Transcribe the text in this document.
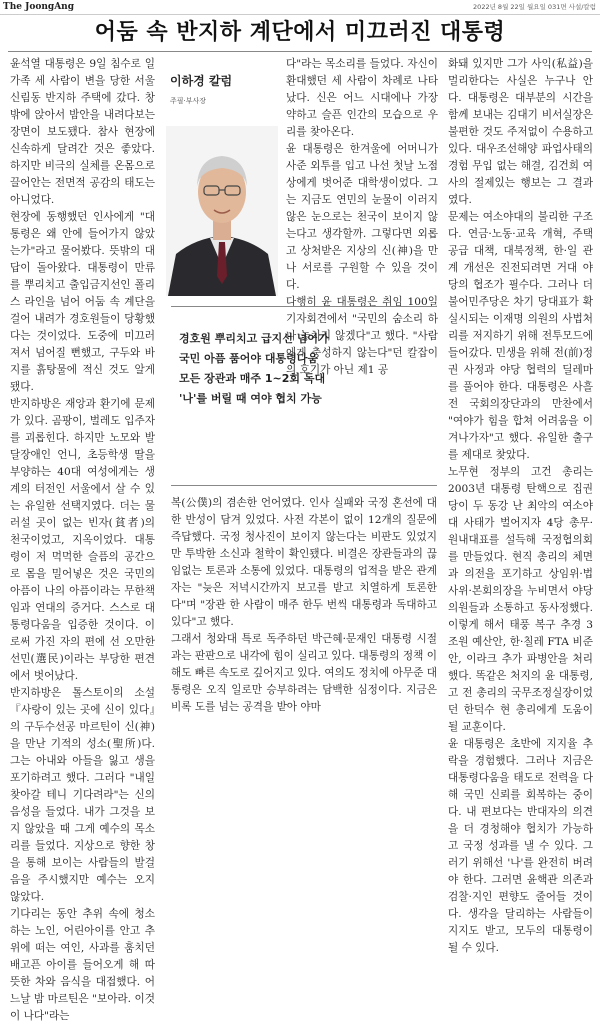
The JoongAng	2022년 8월 22일 월요일 031면 사설/칼럼
어둠 속 반지하 계단에서 미끄러진 대통령

윤석열 대통령은 9일 침수로 일가족 세 사람이 변을 당한 서울 신림동 반지하 주택에 갔다. 창밖에 앉아서 밤안을 내려다보는 장면이 보도됐다. 참사 현장에 신속하게 달려간 것은 좋았다. 하지만 비극의 실체를 온몸으로 끌어안는 전면적 공감의 태도는 아니었다.

현장에 동행했던 인사에게 "대통령은 왜 안에 들어가지 않았는가"라고 물어봤다. 뜻밖의 대답이 돌아왔다. 대통령이 만류를 뿌리치고 출입금지선인 폴리스 라인을 넘어 어둠 속 계단을 걸어 내려가 경호원들이 당황했다는 것이었다. 도중에 미끄러져서 넘어질 뻔했고, 구두와 바지를 흙탕물에 적신 것도 알게 됐다.

반지하방은 재앙과 환기에 문제가 있다. 곰팡이, 벌레도 입주자를 괴롭힌다. 하지만 노모와 발달장애인 언니, 초등학생 딸을 부양하는 40대 여성에게는 생계의 터전인 서울에서 살 수 있는 유일한 선택지였다. 더는 물러설 곳이 없는 빈자(貧者)의 천국이었고, 지옥이었다. 대통령이 저 먹먹한 슬픔의 공간으로 몸을 밀어넣은 것은 국민의 아픔이 나의 아픔이라는 무한책임과 연대의 증거다. 스스로 대통령다움을 입증한 것이다. 이로써 가진 자의 편에 선 오만한 선민(選民)이라는 부당한 편견에서 벗어났다.

반지하방은 톨스토이의 소설 『사랑이 있는 곳에 신이 있다』의 구두수선공 마르틴이 신(神)을 만난 기적의 성소(聖所)다. 그는 아내와 아들을 잃고 생을 포기하려고 했다. 그러다 "내일 찾아갈 테니 기다려라"는 신의 음성을 들었다. 내가 그것을 보지 않았을 때 그게 예수의 목소리를 들었다. 지상으로 향한 창을 통해 보이는 사람들의 발걸음을 주시했지만 예수는 오지 않았다.

기다리는 동안 추위 속에 청소하는 노인, 어린아이를 안고 추위에 떠는 여인, 사과를 훔치던 배고픈 아이를 들어오게 해 따뜻한 차와 음식을 대접했다. 어느날 밤 마르틴은 "보아라. 이것이 나다"라는

이하경 칼럼
주필·부사장

다"라는 목소리를 들었다. 자신이 환대했던 세 사람이 차례로 나타났다. 신은 어느 시대에나 가장 약하고 슬픈 인간의 모습으로 우리를 찾아온다.

윤 대통령은 한겨울에 어머니가 사준 외투를 입고 나선 첫날 노점상에게 벗어준 대학생이었다. 그는 지금도 연민의 눈물이 이러지 않은 눈으로는 천국이 보이지 않는다고 생각할까. 그렇다면 외롭고 상처받은 지상의 신(神)을 만나 서로를 구원할 수 있을 것이다.

다행히 윤 대통령은 취임 100일 기자회견에서 "국민의 숨소리 하나 놓치지 않겠다"고 했다. "사람에게 충성하지 않는다"던 칼잡이의 호기가 아닌 제1 공

경호원 뿌리치고 급지선 넘어가
국민 아픔 품어야 대통령다움
모든 장관과 매주 1~2회 독대
'나'를 버릴 때 여야 협치 가능

복(公僕)의 겸손한 언어였다. 인사 실패와 국정 혼선에 대한 반성이 담겨 있었다. 사전 각본이 없이 12개의 질문에 즉답했다. 국정 청사진이 보이지 않는다는 비판도 있었지만 투박한 소신과 철학이 확인됐다. 비결은 장관들과의 끊임없는 토론과 소통에 있었다. 대통령의 업적을 받은 관계자는 "늦은 저녁시간까지 보고를 받고 치열하게 토론한다"며 "장관 한 사람이 매주 한두 번씩 대통령과 독대하고 있다"고 했다.

그래서 청와대 특로 독주하던 박근혜·문재인 대통령 시절과는 판판으로 내각에 힘이 실리고 있다. 대통령의 정책 이해도 빠른 속도로 깊어지고 있다. 여의도 정치에 아무준 대통령은 오직 일로만 승부하려는 담백한 심정이다. 지금은 비록 도를 넘는 공격을 받아 야마

화돼 있지만 그가 사익(私益)을 멀리한다는 사실은 누구나 안다. 대통령은 대부분의 시간을 함께 보내는 김대기 비서실장은 불편한 것도 주저없이 수용하고 있다. 대우조선해양 파업사태의 경험 무입 없는 해결, 김건희 여사의 절제있는 행보는 그 결과였다.

문제는 여소야대의 불리한 구조다. 연금·노동·교육 개혁, 주택공급 대책, 대북정책, 한·일 관계 개선은 진전되려면 거대 야당의 협조가 필수다. 그러나 더불어민주당은 차기 당대표가 확실시되는 이재명 의원의 사법처리를 저지하기 위해 전투모드에 들어갔다. 민생을 위해 전(前)정권 사정과 야당 협력의 딜레마를 풀어야 한다. 대통령은 사흘 전 국회의장단과의 만찬에서 "여야가 힘을 합쳐 어려움을 이겨나가자"고 했다. 유일한 출구를 제대로 찾았다.

노무현 정부의 고건 총리는 2003년 대통령 탄핵으로 집권당이 두 동강 난 최악의 여소야대 사태가 벌어지자 4당 총무·원내대표를 설득해 국정협의회를 만들었다. 현직 총리의 체면과 의전을 포기하고 상임위·법사위·본회의장을 누비면서 야당 의원들과 소통하고 동사정했다. 이렇게 해서 태풍 복구 추경 3조원 예산안, 한·칠레 FTA 비준안, 이라크 추가 파병안을 처리했다. 똑같은 처지의 윤 대통령, 고 전 총리의 국무조정실장이었던 한덕수 현 총리에게 도움이 될 교훈이다.

윤 대통령은 초반에 지지율 추락을 경험했다. 그러나 지금은 대통령다움을 태도로 전력을 다해 국민 신뢰를 회복하는 중이다. 내 편보다는 반대자의 의견을 더 경청해야 협치가 가능하고 국정 성과를 낼 수 있다. 그러기 위해선 '나'를 완전히 버려야 한다. 그러면 윤핵관 의존과 검찰·지인 편향도 줄어들 것이다. 생각을 달리하는 사람들이 지지도 받고, 모두의 대통령이 될 수 있다.
